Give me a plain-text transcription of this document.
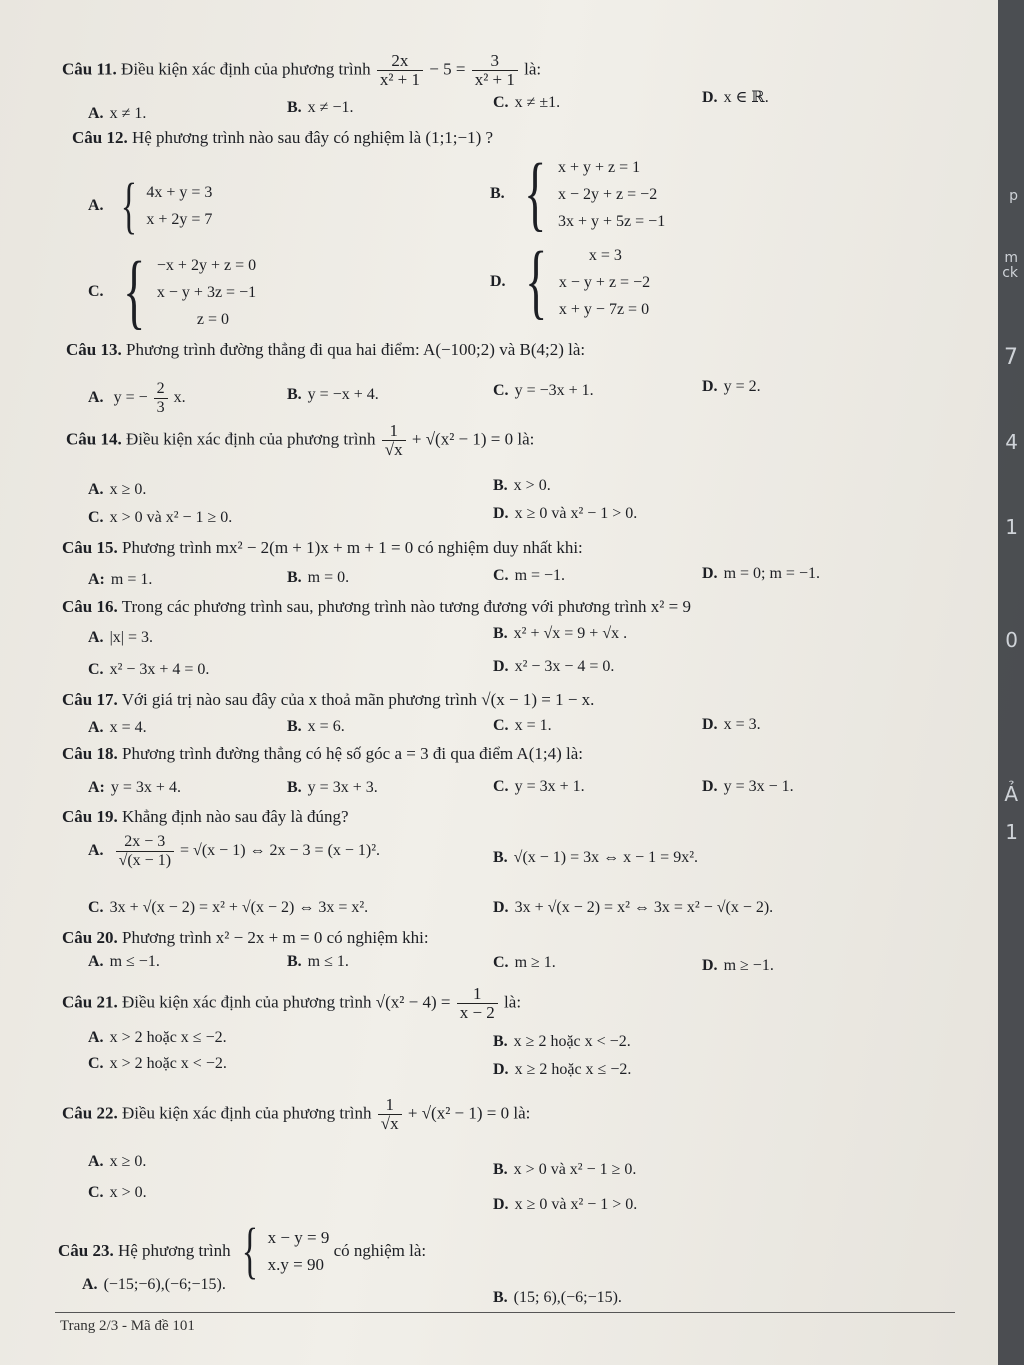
p
m
ck
7
4
1
0
Ả
1
Câu 11. Điều kiện xác định của phương trình $\frac{2x}{\text{x² + 1}} - 5 = \frac{3}{\text{x² + 1}}$ là:
A. x ≠ 1.	B. x ≠ −1.	C. x ≠ ±1.	D. x ∈ ℝ.
Câu 12. Hệ phương trình nào sau đây có nghiệm là (1;1;−1) ?
A. { 4x + y = 3
x + 2y = 7
B. { x + y + z = 1
x − 2y + z = −2
3x + y + 5z = −1
C. { −x + 2y + z = 0
x − y + 3z = −1
z = 0
D. {	x = 3
x − y + z = −2
x + y − 7z = 0
Câu 13. Phương trình đường thẳng đi qua hai điểm: A(−100;2) và B(4;2) là:
A. y = − $\frac{2}{3} x$.	B. y = −x + 4.	C. y = −3x + 1.	D. y = 2.
Câu 14. Điều kiện xác định của phương trình $\frac{1}{√x} + √(x^2 - 1) = 0$ là:
A. x ≥ 0.	B. x > 0.
C. x > 0 và x² − 1 ≥ 0.	D. x ≥ 0 và x² − 1 > 0.
Câu 15. Phương trình mx² − 2(m + 1)x + m + 1 = 0 có nghiệm duy nhất khi:
A: m = 1.	B. m = 0.	C. m = −1.	D. m = 0; m = −1.
Câu 16. Trong các phương trình sau, phương trình nào tương đương với phương trình x² = 9
A. |x| = 3.	B. x² + √x = 9 + √x .
C. x² − 3x + 4 = 0.	D. x² − 3x − 4 = 0.
Câu 17. Với giá trị nào sau đây của x thoả mãn phương trình √(x − 1) = 1 − x.
A. x = 4.	B. x = 6.	C. x = 1.	D. x = 3.
Câu 18. Phương trình đường thẳng có hệ số góc a = 3 đi qua điểm A(1;4) là:
A: y = 3x + 4.	B. y = 3x + 3.	C. y = 3x + 1.	D. y = 3x − 1.
Câu 19. Khẳng định nào sau đây là đúng?
A. $\frac{2x - 3}{√(x - 1)} = √(x - 1)$ ⇔ 2x − 3 = (x − 1)².	B. √(x − 1) = 3x ⇔ x − 1 = 9x².
C. 3x + √(x − 2) = x² + √(x − 2) ⇔ 3x = x².	D. 3x + √(x − 2) = x² ⇔ 3x = x² − √(x − 2).
Câu 20. Phương trình x² − 2x + m = 0 có nghiệm khi:
A. m ≤ −1.	B. m ≤ 1.	C. m ≥ 1.	D. m ≥ −1.
Câu 21. Điều kiện xác định của phương trình $√(x^2 - 4) = \frac{1}{x - 2}$ là:
A. x > 2 hoặc x ≤ −2.	B. x ≥ 2 hoặc x < −2.
C. x > 2 hoặc x < −2.	D. x ≥ 2 hoặc x ≤ −2.
Câu 22. Điều kiện xác định của phương trình $\frac{1}{√x} + √(x^2 - 1) = 0$ là:
A. x ≥ 0.	B. x > 0 và x² − 1 ≥ 0.
C. x > 0.
D. x ≥ 0 và x² − 1 > 0.
Câu 23. Hệ phương trình { x − y = 9
x.y = 90
có nghiệm là:
A. (−15;−6),(−6;−15).
B. (15; 6),(−6;−15).
Trang 2/3 - Mã đề 101
